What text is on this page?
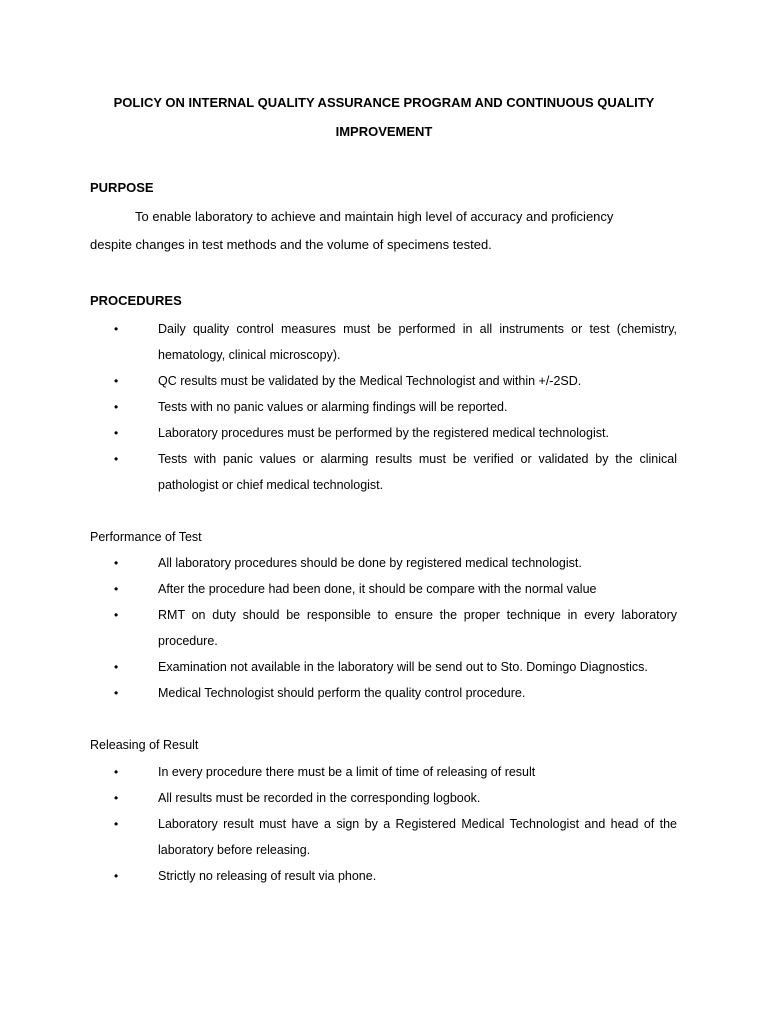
POLICY ON INTERNAL QUALITY ASSURANCE PROGRAM AND CONTINUOUS QUALITY
IMPROVEMENT
PURPOSE
To enable laboratory to achieve and maintain high level of accuracy and proficiency
despite changes in test methods and the volume of specimens tested.
PROCEDURES
•	Daily quality control measures must be performed in all instruments or test (chemistry, hematology, clinical microscopy).
•	QC results must be validated by the Medical Technologist and within +/-2SD.
•	Tests with no panic values or alarming findings will be reported.
•	Laboratory procedures must be performed by the registered medical technologist.
•	Tests with panic values or alarming results must be verified or validated by the clinical pathologist or chief medical technologist.
Performance of Test
•	All laboratory procedures should be done by registered medical technologist.
•	After the procedure had been done, it should be compare with the normal value
•	RMT on duty should be responsible to ensure the proper technique in every laboratory procedure.
•	Examination not available in the laboratory will be send out to Sto. Domingo Diagnostics.
•	Medical Technologist should perform the quality control procedure.
Releasing of Result
•	In every procedure there must be a limit of time of releasing of result
•	All results must be recorded in the corresponding logbook.
•	Laboratory result must have a sign by a Registered Medical Technologist and head of the laboratory before releasing.
•	Strictly no releasing of result via phone.
